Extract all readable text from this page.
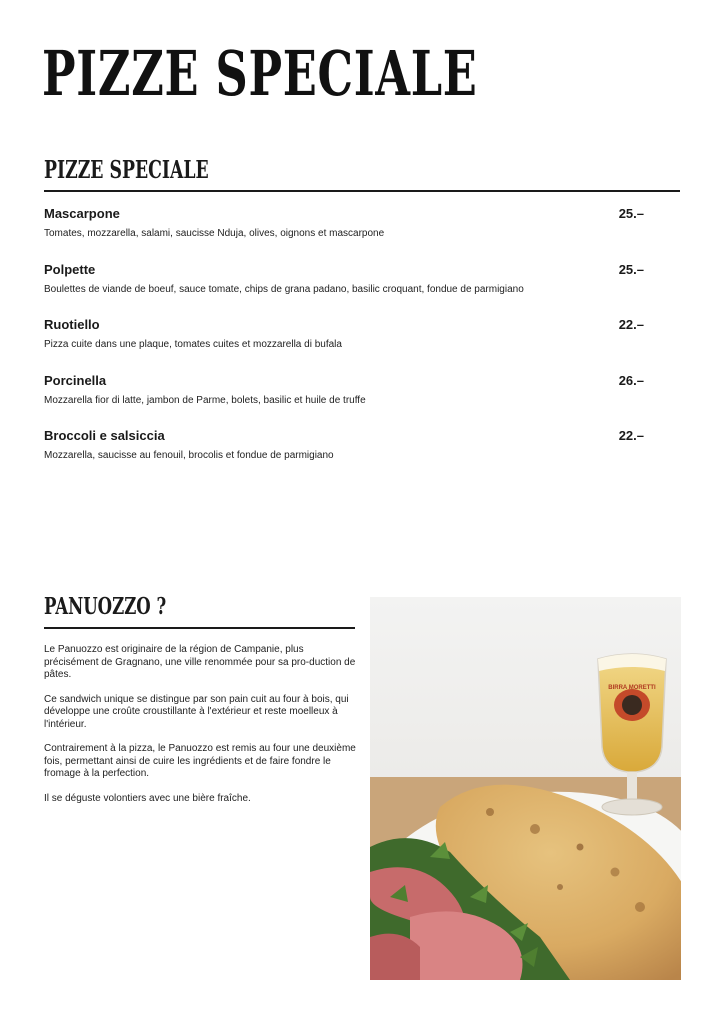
PIZZE SPECIALE
PIZZE SPECIALE

Mascarpone	25.–

Tomates, mozzarella, salami, saucisse Nduja, olives, oignons et mascarpone

Polpette	25.–

Boulettes de viande de boeuf, sauce tomate, chips de grana padano, basilic croquant, fondue de parmigiano

Ruotiello	22.–

Pizza cuite dans une plaque, tomates cuites et mozzarella di bufala

Porcinella	26.–

Mozzarella fior di latte, jambon de Parme, bolets, basilic et huile de truffe

Broccoli e salsiccia	22.–

Mozzarella, saucisse au fenouil, brocolis et fondue de parmigiano

PANUOZZO ?

Le Panuozzo est originaire de la région de Campanie, plus précisément de Gragnano, une ville renommée pour sa pro-duction de pâtes.

Ce sandwich unique se distingue par son pain cuit au four à bois, qui développe une croûte croustillante à l'extérieur et reste moelleux à l'intérieur.

Contrairement à la pizza, le Panuozzo est remis au four une deuxième fois, permettant ainsi de cuire les ingrédients et de faire fondre le fromage à la perfection.

Il se déguste volontiers avec une bière fraîche.

BIRRA MORETTI
